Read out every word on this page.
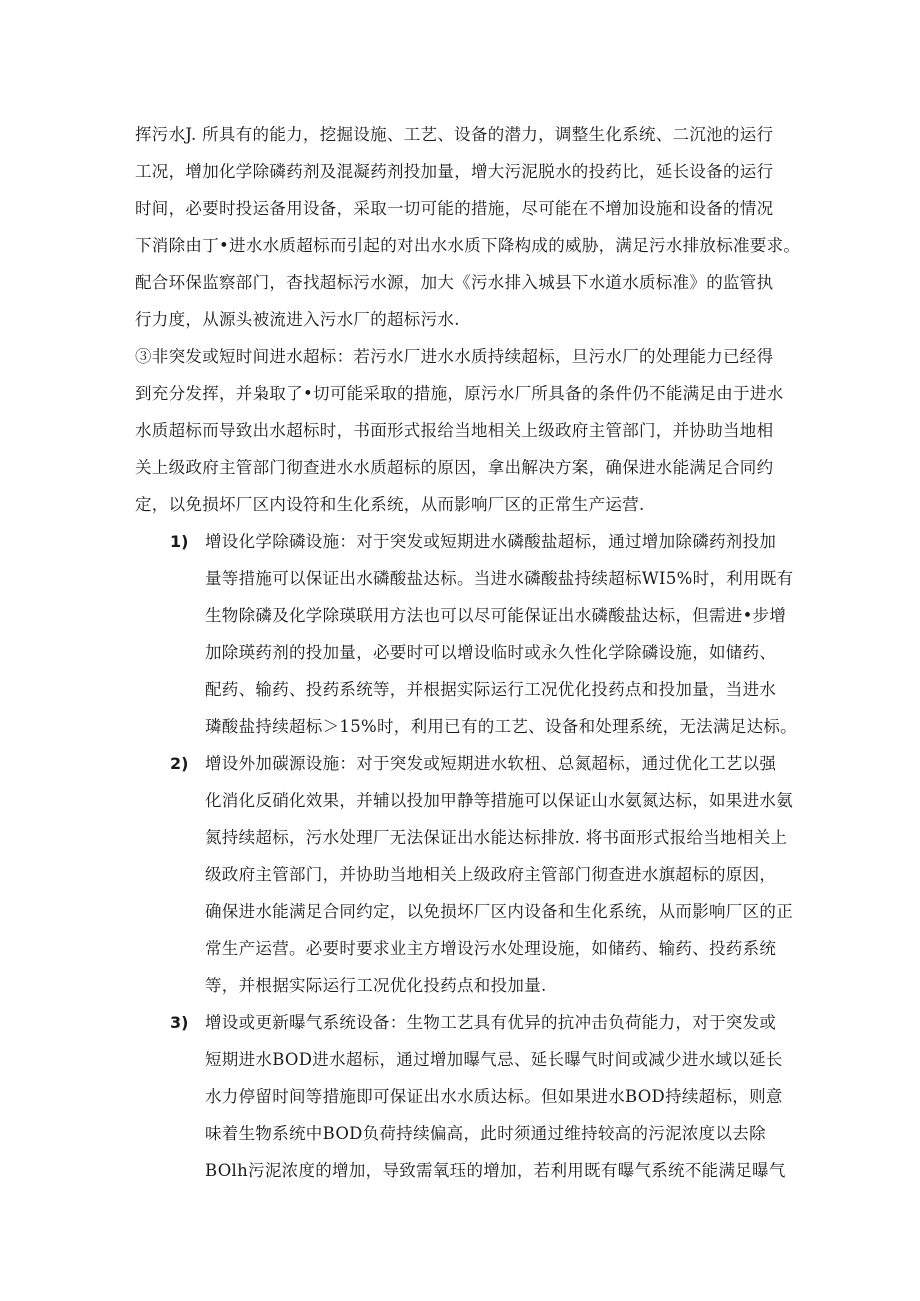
挥污水J. 所具有的能力，挖掘设施、工艺、设备的潜力，调整生化系统、二沉池的运行
工况，增加化学除磷药剂及混凝药剂投加量，增大污泥脱水的投药比，延长设备的运行
时间，必要时投运备用设备，采取一切可能的措施，尽可能在不增加设施和设备的情况
下消除由丁•进水水质超标而引起的对出水水质下降构成的威胁，满足污水排放标准要求。
配合环保监察部门，杳找超标污水源，加大《污水排入城县下水道水质标准》的监管执
行力度，从源头被流进入污水厂的超标污水.
③非突发或短时间进水超标：若污水厂进水水质持续超标，旦污水厂的处理能力已经得
到充分发挥，并枭取了•切可能采取的措施，原污水厂所具备的条件仍不能满足由于进水
水质超标而导致出水超标时，书面形式报给当地相关上级政府主管部门，并协助当地相
关上级政府主管部门彻查进水水质超标的原因，拿出解决方案，确保进水能满足合同约
定，以免损坏厂区内设符和生化系统，从而影响厂区的正常生产运营.
1) 增设化学除磷设施：对于突发或短期进水磷酸盐超标，通过增加除磷药剂投加
量等措施可以保证出水磷酸盐达标。当进水磷酸盐持续超标WI5%时，利用既有
生物除磷及化学除瑛联用方法也可以尽可能保证出水磷酸盐达标，但需进•步增
加除瑛药剂的投加量，必要时可以增设临时或永久性化学除磷设施，如储药、
配药、输药、投药系统等，并根据实际运行工况优化投药点和投加量，当进水
璘酸盐持续超标＞15%时，利用已有的工艺、设备和处理系统，无法满足达标。
2) 增设外加碳源设施：对于突发或短期进水软杻、总氮超标，通过优化工艺以强
化消化反硝化效果，并辅以投加甲静等措施可以保证山水氨氮达标，如果进水氨
氮持续超标，污水处理厂无法保证出水能达标排放. 将书面形式报给当地相关上
级政府主管部门，并协助当地相关上级政府主管部门彻查进水旗超标的原因，
确保进水能满足合同约定，以免损坏厂区内设备和生化系统，从而影响厂区的正
常生产运营。必要时要求业主方增设污水处理设施，如储药、输药、投药系统
等，并根据实际运行工况优化投药点和投加量.
3) 增设或更新曝气系统设备：生物工艺具有优异的抗冲击负荷能力，对于突发或
短期进水BOD进水超标，通过增加曝气忌、延长曝气时间或减少进水域以延长
水力停留时间等措施即可保证出水水质达标。但如果进水BOD持续超标，则意
味着生物系统中BOD负荷持续偏高，此时须通过维持较高的污泥浓度以去除
BOlh污泥浓度的增加，导致需氧珏的增加，若利用既有曝气系统不能满足曝气
